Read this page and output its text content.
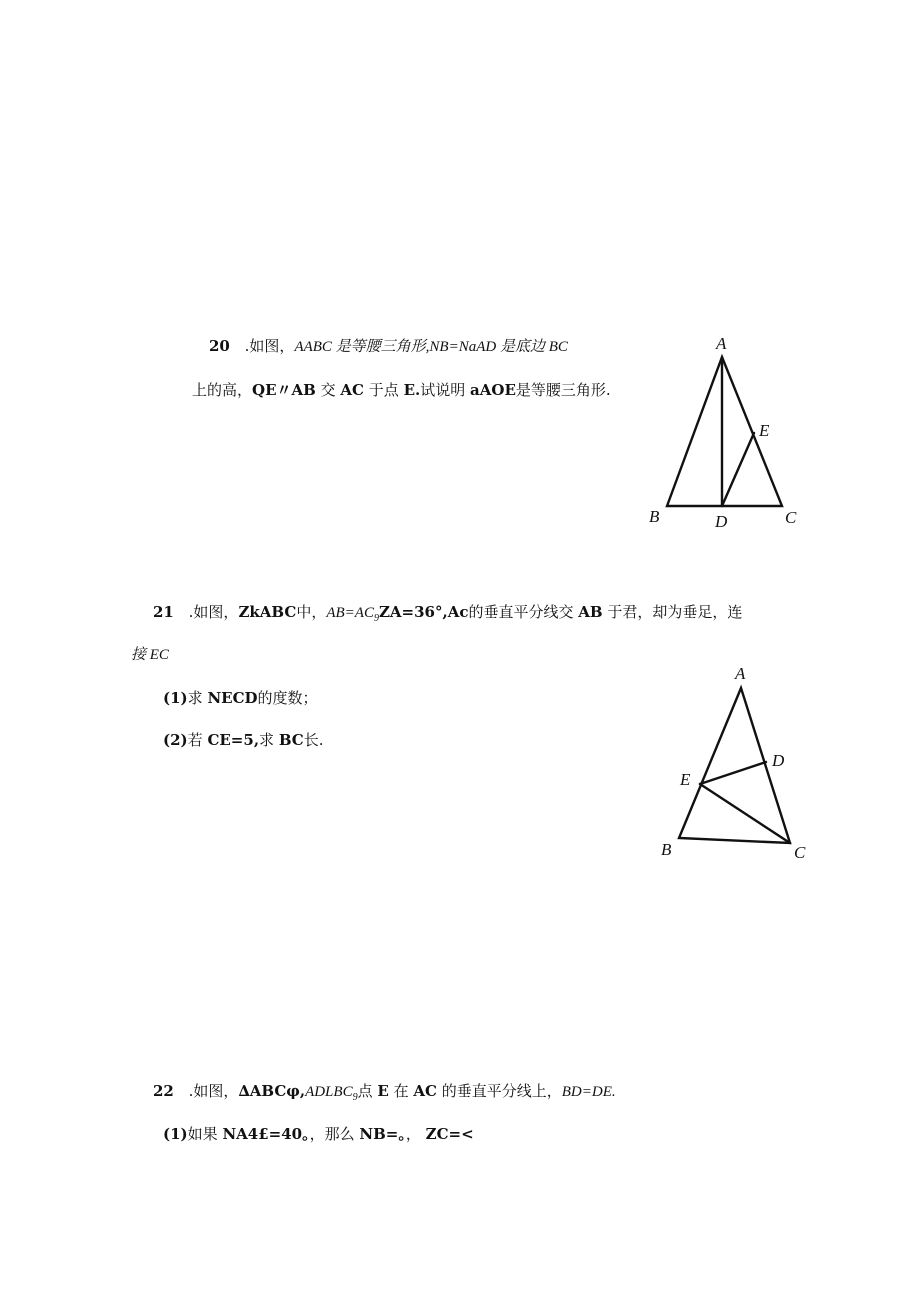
20 .如图，AABC 是等腰三角形,NB=NaAD 是底边 BC
上的高，QE〃AB 交 AC 于点 E.试说明 aAOE是等腰三角形.
A
B	C
D
E
21 .如图，ZkABC中，$AB=AC_9ZA=36^\circ,Ac$的垂直平分线交 AB 于君，却为垂足，连
接 EC
(1)求 NECD的度数；
(2)若 CE=5,求 BC长.
A
B	C
D
E
22 .如图，$\Delta ABC\varphi,ADLBC_9$点 E 在 AC 的垂直平分线上，BD=DE.
(1)如果 NA4£=40。，那么 NB=。， ZC=<
